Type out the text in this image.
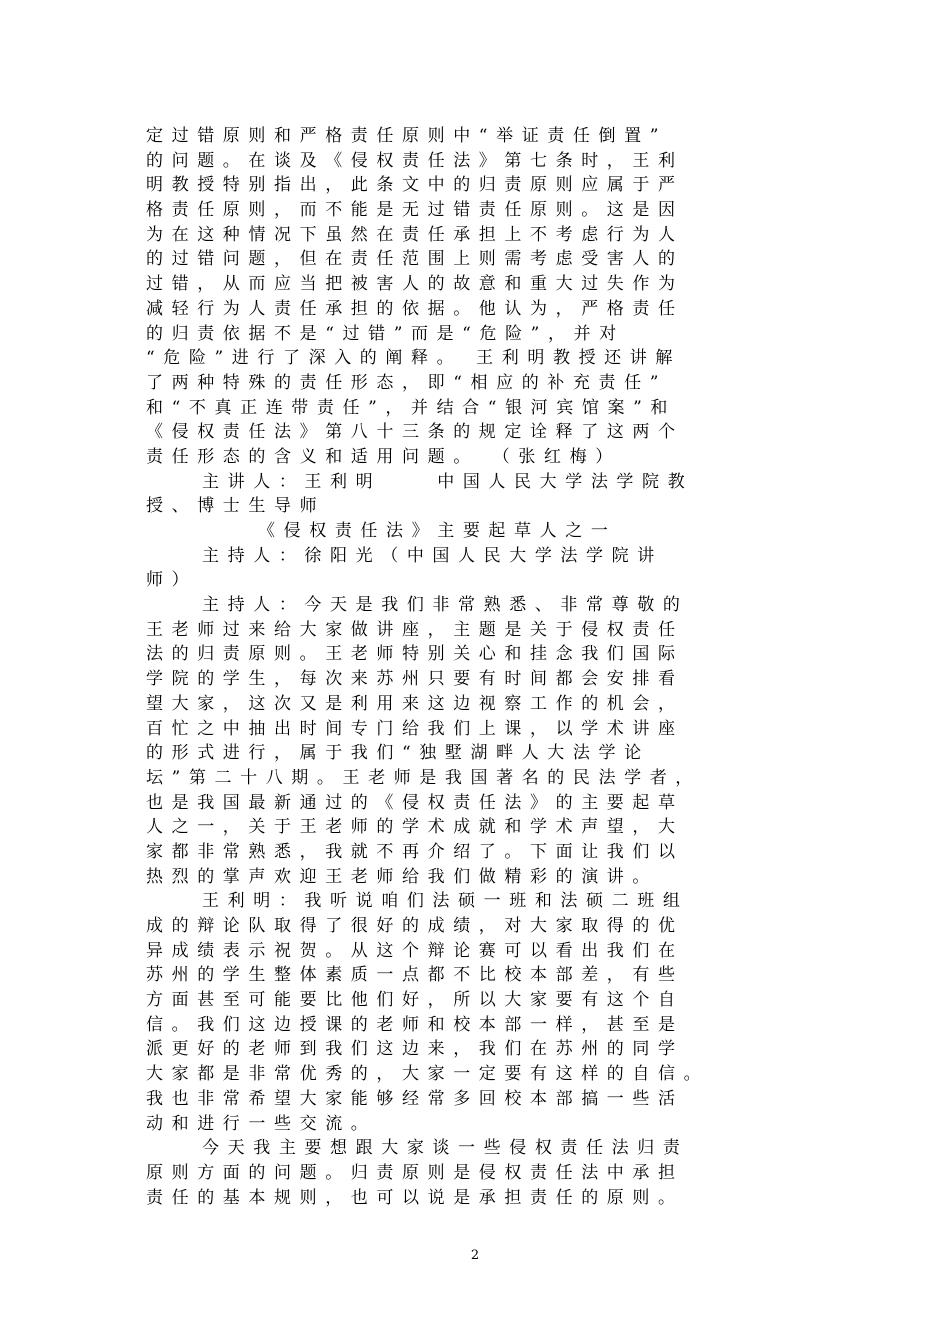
定过错原则和严格责任原则中“举证责任倒置”
的问题。在谈及《侵权责任法》第七条时，王利
明教授特别指出，此条文中的归责原则应属于严
格责任原则，而不能是无过错责任原则。这是因
为在这种情况下虽然在责任承担上不考虑行为人
的过错问题，但在责任范围上则需考虑受害人的
过错，从而应当把被害人的故意和重大过失作为
减轻行为人责任承担的依据。他认为，严格责任
的归责依据不是“过错”而是“危险”，并对
“危险”进行了深入的阐释。 王利明教授还讲解
了两种特殊的责任形态，即“相应的补充责任”
和“不真正连带责任”，并结合“银河宾馆案”和
《侵权责任法》第八十三条的规定诠释了这两个
责任形态的含义和适用问题。 （张红梅）
主讲人：王利明    中国人民大学法学院教
授、博士生导师
《侵权责任法》主要起草人之一
主持人：徐阳光（中国人民大学法学院讲
师）
主持人：今天是我们非常熟悉、非常尊敬的
王老师过来给大家做讲座，主题是关于侵权责任
法的归责原则。王老师特别关心和挂念我们国际
学院的学生，每次来苏州只要有时间都会安排看
望大家，这次又是利用来这边视察工作的机会，
百忙之中抽出时间专门给我们上课，以学术讲座
的形式进行，属于我们“独墅湖畔人大法学论
坛”第二十八期。王老师是我国著名的民法学者，
也是我国最新通过的《侵权责任法》的主要起草
人之一，关于王老师的学术成就和学术声望，大
家都非常熟悉，我就不再介绍了。下面让我们以
热烈的掌声欢迎王老师给我们做精彩的演讲。
王利明：我听说咱们法硕一班和法硕二班组
成的辩论队取得了很好的成绩，对大家取得的优
异成绩表示祝贺。从这个辩论赛可以看出我们在
苏州的学生整体素质一点都不比校本部差，有些
方面甚至可能要比他们好，所以大家要有这个自
信。我们这边授课的老师和校本部一样，甚至是
派更好的老师到我们这边来，我们在苏州的同学
大家都是非常优秀的，大家一定要有这样的自信。
我也非常希望大家能够经常多回校本部搞一些活
动和进行一些交流。
今天我主要想跟大家谈一些侵权责任法归责
原则方面的问题。归责原则是侵权责任法中承担
责任的基本规则，也可以说是承担责任的原则。
2
